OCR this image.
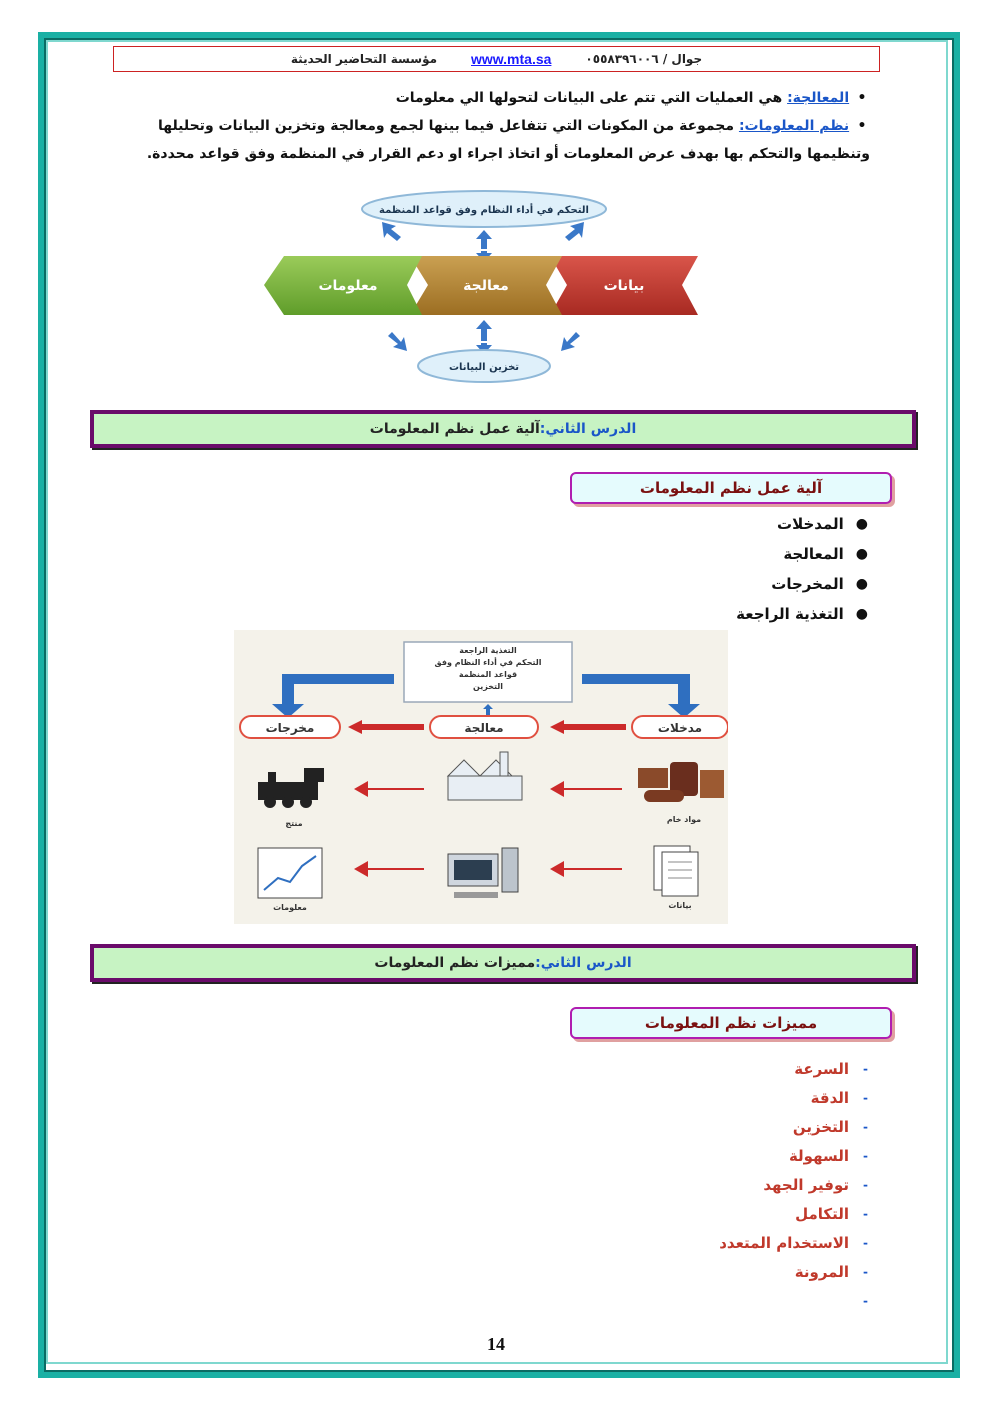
مؤسسة التحاضير الحديثة www.mta.sa	جوال / ٠٥٥٨٣٩٦٠٠٦
• المعالجة: هي العمليات التي تتم على البيانات لتحولها الي معلومات
• نظم المعلومات: مجموعة من المكونات التي تتفاعل فيما بينها لجمع ومعالجة وتخزين البيانات وتحليلها
وتنظيمها والتحكم بها بهدف عرض المعلومات أو اتخاذ اجراء او دعم القرار في المنظمة وفق قواعد محددة.
التحكم في أداء النظام وفق قواعد المنظمة
بيانات
معالجة
معلومات
تخزين البيانات
الدرس الثاني:
آلية عمل نظم المعلومات
آلية عمل نظم المعلومات
●
المدخلات
●
المعالجة
●
المخرجات
●
التغذية الراجعة
التغذية الراجعة
التحكم في أداء النظام وفق
قواعد المنظمة
التخزين
مدخلات
معالجة
مخرجات
مواد خام
منتج
بيانات
معلومات
الدرس الثاني:
مميزات نظم المعلومات
مميزات نظم المعلومات
-
السرعة
-
الدقة
-
التخزين
-
السهولة
-
توفير الجهد
-
التكامل
-
الاستخدام المتعدد
-
المرونة
-
14
